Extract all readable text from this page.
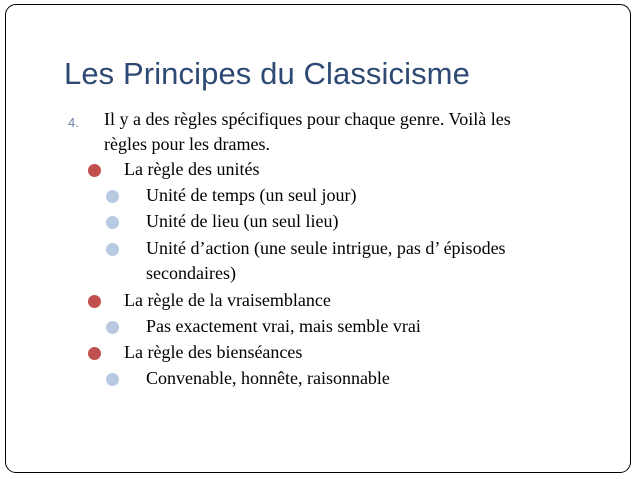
Les Principes du Classicisme
4. Il y a des règles spécifiques pour chaque genre. Voilà les
règles pour les drames.
La règle des unités
Unité de temps (un seul jour)
Unité de lieu (un seul lieu)
Unité d’action (une seule intrigue, pas d’ épisodes
secondaires)
La règle de la vraisemblance
Pas exactement vrai, mais semble vrai
La règle des bienséances
Convenable, honnête, raisonnable
